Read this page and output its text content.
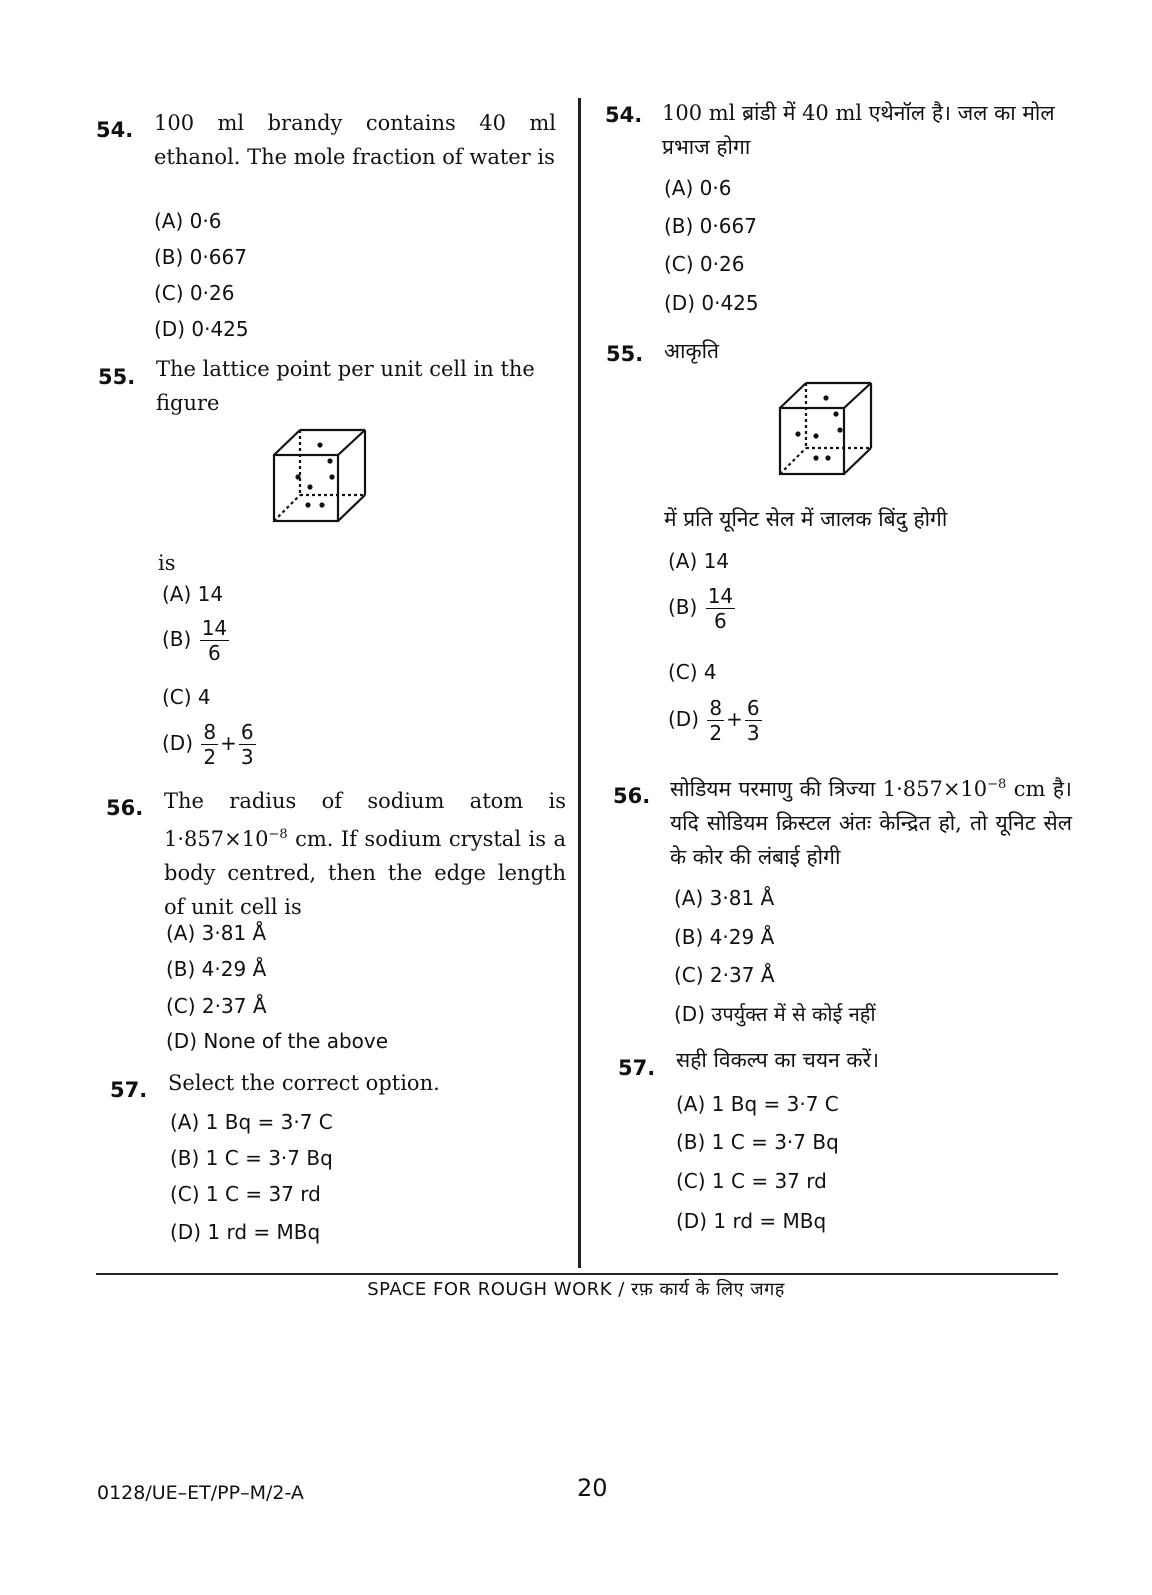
54. 100 ml brandy contains 40 ml ethanol. The mole fraction of water is
(A) 0·6
(B) 0·667
(C) 0·26
(D) 0·425
55. The lattice point per unit cell in the figure
is
(A) 14
$(B) \frac{14}{6}$
(C) 4
$(D) \frac{8}{2} + \frac{6}{3}$
56. The radius of sodium atom is $1\cdot 857\times 10^{-8}$ cm. If sodium crystal is a body centred, then the edge length of unit cell is
(A) 3·81 Å
(B) 4·29 Å
(C) 2·37 Å
(D) None of the above
57. Select the correct option.
(A) 1 Bq = 3·7 C
(B) 1 C = 3·7 Bq
(C) 1 C = 37 rd
(D) 1 rd = MBq
54. 100 ml ब्रांडी में 40 ml एथेनॉल है। जल का मोल प्रभाज होगा
(A) 0·6
(B) 0·667
(C) 0·26
(D) 0·425
55. आकृति
में प्रति यूनिट सेल में जालक बिंदु होगी
(A) 14
$(B) \frac{14}{6}$
(C) 4
$(D) \frac{8}{2} + \frac{6}{3}$
56. सोडियम परमाणु की त्रिज्या $1\cdot 857\times 10^{-8}$ cm है। यदि सोडियम क्रिस्टल अंतः केन्द्रित हो, तो यूनिट सेल के कोर की लंबाई होगी
(A) 3·81 Å
(B) 4·29 Å
(C) 2·37 Å
(D) उपर्युक्त में से कोई नहीं
57. सही विकल्प का चयन करें।
(A) 1 Bq = 3·7 C
(B) 1 C = 3·7 Bq
(C) 1 C = 37 rd
(D) 1 rd = MBq
SPACE FOR ROUGH WORK / रफ़ कार्य के लिए जगह
0128/UE–ET/PP–M/2-A	20
